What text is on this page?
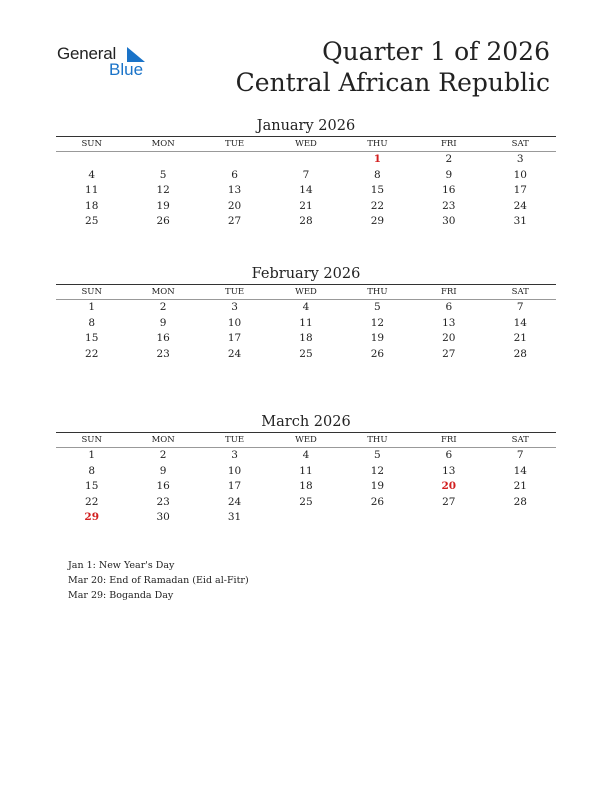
General
Blue
Quarter 1 of 2026
Central African Republic
January 2026
SUN	MON	TUE	WED	THU	FRI	SAT
				1	2	3
4	5	6	7	8	9	10
11	12	13	14	15	16	17
18	19	20	21	22	23	24
25	26	27	28	29	30	31
February 2026
SUN	MON	TUE	WED	THU	FRI	SAT
1	2	3	4	5	6	7
8	9	10	11	12	13	14
15	16	17	18	19	20	21
22	23	24	25	26	27	28
March 2026
SUN	MON	TUE	WED	THU	FRI	SAT
1	2	3	4	5	6	7
8	9	10	11	12	13	14
15	16	17	18	19	20	21
22	23	24	25	26	27	28
29	30	31				
Jan 1: New Year's Day
Mar 20: End of Ramadan (Eid al-Fitr)
Mar 29: Boganda Day
